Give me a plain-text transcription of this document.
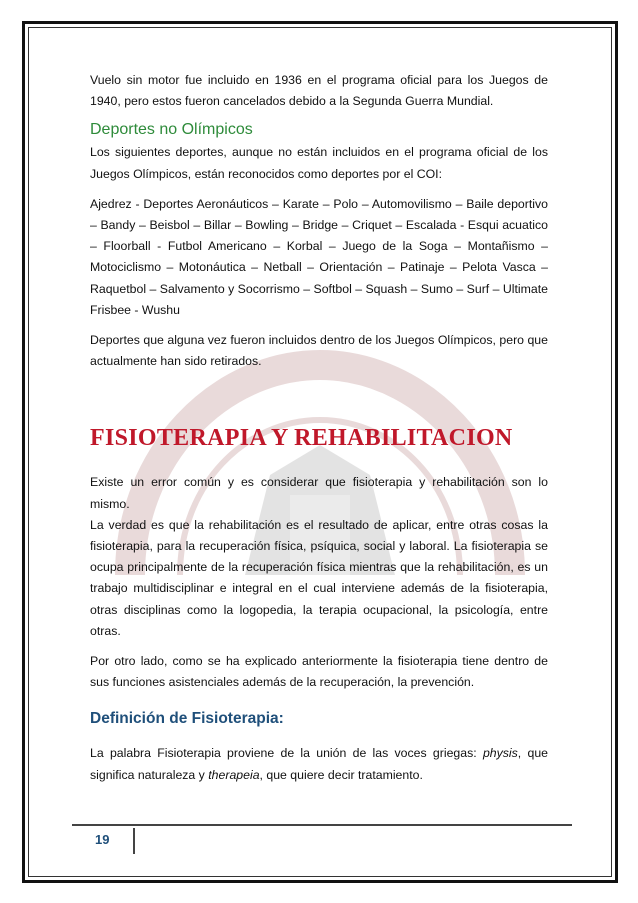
Vuelo sin motor fue incluido en 1936 en el programa oficial para los Juegos de 1940, pero estos fueron cancelados debido a la Segunda Guerra Mundial.

Deportes no Olímpicos

Los siguientes deportes, aunque no están incluidos en el programa oficial de los Juegos Olímpicos, están reconocidos como deportes por el COI:

Ajedrez - Deportes Aeronáuticos – Karate – Polo – Automovilismo – Baile deportivo – Bandy – Beisbol – Billar – Bowling – Bridge – Criquet – Escalada - Esqui acuatico – Floorball - Futbol Americano – Korbal – Juego de la Soga – Montañismo – Motociclismo – Motonáutica – Netball – Orientación – Patinaje – Pelota Vasca – Raquetbol – Salvamento y Socorrismo – Softbol – Squash – Sumo – Surf – Ultimate Frisbee - Wushu

Deportes que alguna vez fueron incluidos dentro de los Juegos Olímpicos, pero que actualmente han sido retirados.

FISIOTERAPIA Y REHABILITACION

Existe un error común y es considerar que fisioterapia y rehabilitación son lo mismo.

La verdad es que la rehabilitación es el resultado de aplicar, entre otras cosas la fisioterapia, para la recuperación física, psíquica, social y laboral. La fisioterapia se ocupa principalmente de la recuperación física mientras que la rehabilitación, es un trabajo multidisciplinar e integral en el cual interviene además de la fisioterapia, otras disciplinas como la logopedia, la terapia ocupacional, la psicología, entre otras.

Por otro lado, como se ha explicado anteriormente la fisioterapia tiene dentro de sus funciones asistenciales además de la recuperación, la prevención.

Definición de Fisioterapia:

La palabra Fisioterapia proviene de la unión de las voces griegas: physis, que significa naturaleza y therapeia, que quiere decir tratamiento.

19
